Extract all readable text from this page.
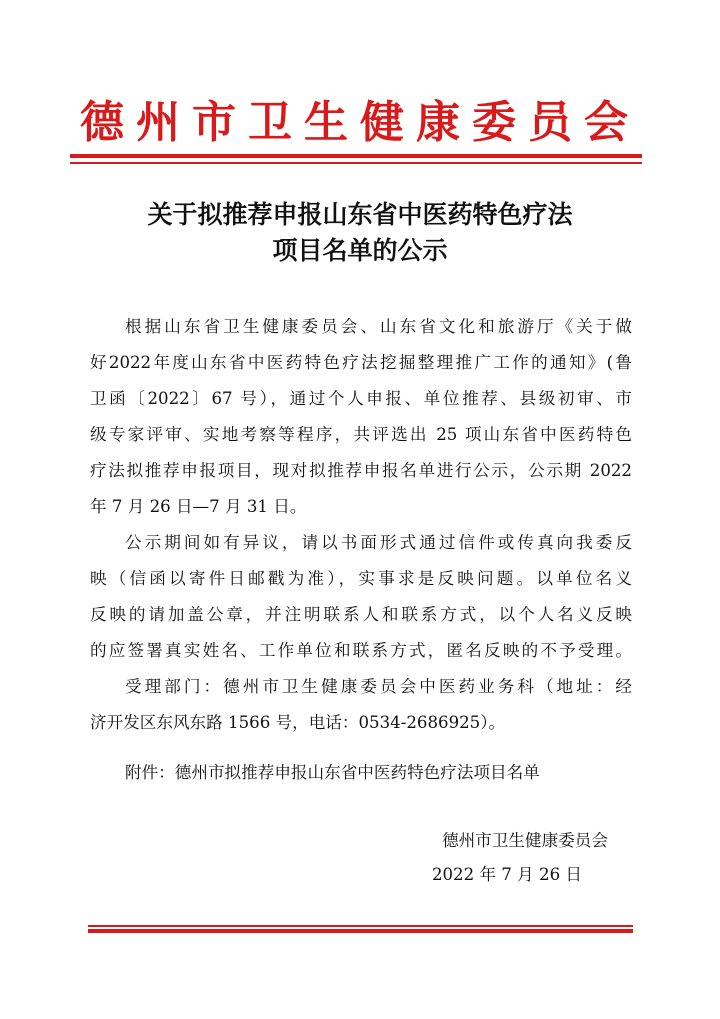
德州市卫生健康委员会
关于拟推荐申报山东省中医药特色疗法
项目名单的公示
根据山东省卫生健康委员会、山东省文化和旅游厅《关于做
好2022年度山东省中医药特色疗法挖掘整理推广工作的通知》(鲁
卫函〔2022〕67 号），通过个人申报、单位推荐、县级初审、市
级专家评审、实地考察等程序，共评选出 25 项山东省中医药特色
疗法拟推荐申报项目，现对拟推荐申报名单进行公示，公示期 2022
年 7 月 26 日—7 月 31 日。
公示期间如有异议，请以书面形式通过信件或传真向我委反
映（信函以寄件日邮戳为准），实事求是反映问题。以单位名义
反映的请加盖公章，并注明联系人和联系方式，以个人名义反映
的应签署真实姓名、工作单位和联系方式，匿名反映的不予受理。
受理部门：德州市卫生健康委员会中医药业务科（地址：经
济开发区东风东路 1566 号，电话：0534-2686925）。
附件：德州市拟推荐申报山东省中医药特色疗法项目名单
德州市卫生健康委员会
2022 年 7 月 26 日
